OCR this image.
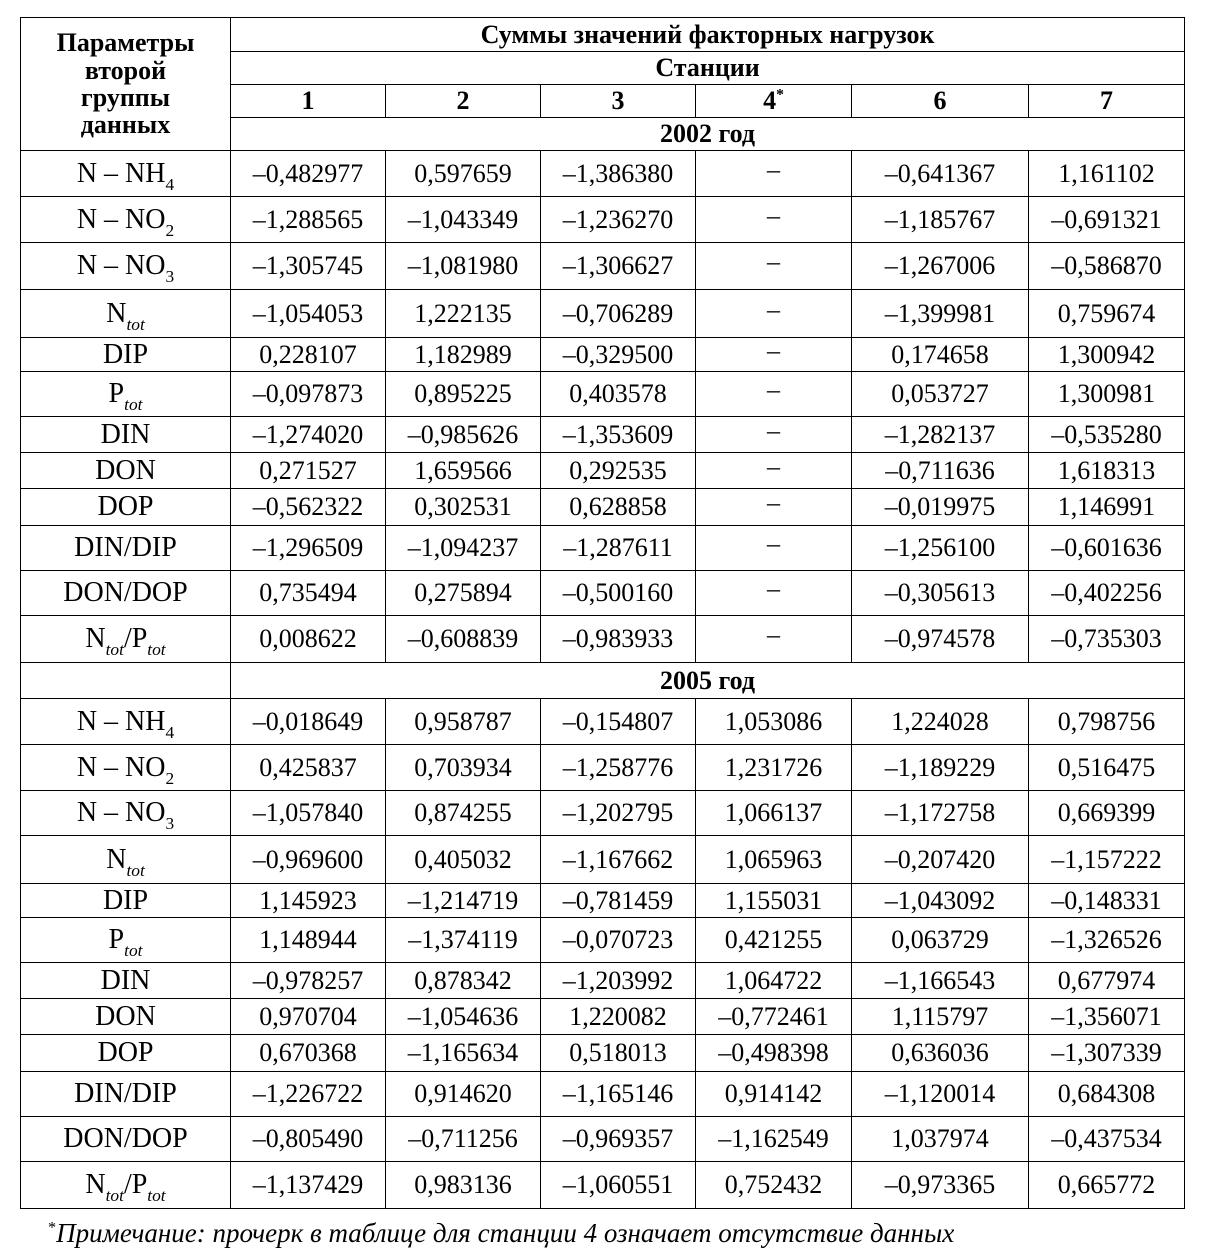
Параметры
второй
группы
данных	Суммы значений факторных нагрузок					
	Станции					
	1	2	3	4*	6	7
	2002 год					
N – $NH_4$	–0,482977	0,597659	–1,386380	–	–0,641367	1,161102
N – $NO_2$	–1,288565	–1,043349	–1,236270	–	–1,185767	–0,691321
N – $NO_3$	–1,305745	–1,081980	–1,306627	–	–1,267006	–0,586870
$N_{tot}$	–1,054053	1,222135	–0,706289	–	–1,399981	0,759674
DIP	0,228107	1,182989	–0,329500	–	0,174658	1,300942
$P_{tot}$	–0,097873	0,895225	0,403578	–	0,053727	1,300981
DIN	–1,274020	–0,985626	–1,353609	–	–1,282137	–0,535280
DON	0,271527	1,659566	0,292535	–	–0,711636	1,618313
DOP	–0,562322	0,302531	0,628858	–	–0,019975	1,146991
DIN/DIP	–1,296509	–1,094237	–1,287611	–	–1,256100	–0,601636
DON/DOP	0,735494	0,275894	–0,500160	–	–0,305613	–0,402256
$N_{tot}/P_{tot}$	0,008622	–0,608839	–0,983933	–	–0,974578	–0,735303
	2005 год					
N – $NH_4$	–0,018649	0,958787	–0,154807	1,053086	1,224028	0,798756
N – $NO_2$	0,425837	0,703934	–1,258776	1,231726	–1,189229	0,516475
N – $NO_3$	–1,057840	0,874255	–1,202795	1,066137	–1,172758	0,669399
$N_{tot}$	–0,969600	0,405032	–1,167662	1,065963	–0,207420	–1,157222
DIP	1,145923	–1,214719	–0,781459	1,155031	–1,043092	–0,148331
$P_{tot}$	1,148944	–1,374119	–0,070723	0,421255	0,063729	–1,326526
DIN	–0,978257	0,878342	–1,203992	1,064722	–1,166543	0,677974
DON	0,970704	–1,054636	1,220082	–0,772461	1,115797	–1,356071
DOP	0,670368	–1,165634	0,518013	–0,498398	0,636036	–1,307339
DIN/DIP	–1,226722	0,914620	–1,165146	0,914142	–1,120014	0,684308
DON/DOP	–0,805490	–0,711256	–0,969357	–1,162549	1,037974	–0,437534
$N_{tot}/P_{tot}$	–1,137429	0,983136	–1,060551	0,752432	–0,973365	0,665772
*Примечание: прочерк в таблице для станции 4 означает отсутствие данных
